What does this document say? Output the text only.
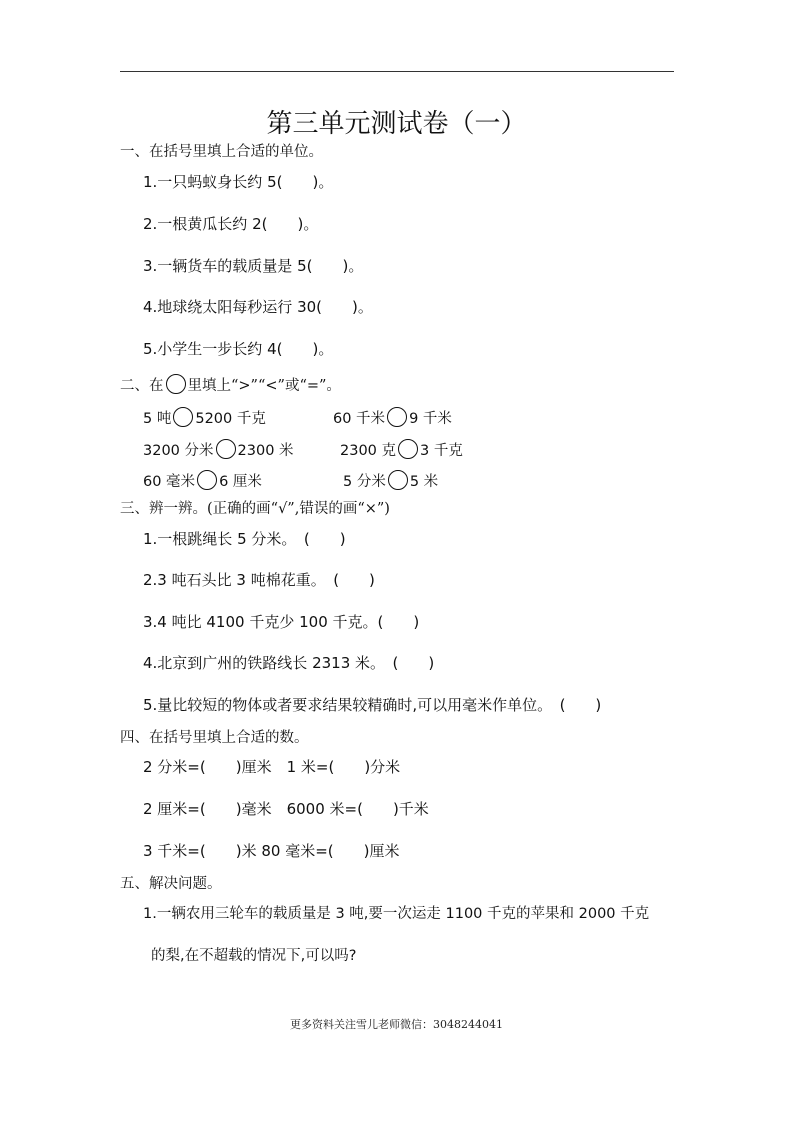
第三单元测试卷（一）
一、在括号里填上合适的单位。
1.一只蚂蚁身长约 5(　　)。
2.一根黄瓜长约 2(　　)。
3.一辆货车的载质量是 5(　　)。
4.地球绕太阳每秒运行 30(　　)。
5.小学生一步长约 4(　　)。
二、在 里填上“>”“<”或“=”。
5 吨 5200 千克	60 千米 9 千米
3200 分米 2300 米	2300 克 3 千克
60 毫米 6 厘米	5 分米 5 米
三、辨一辨。(正确的画“√”,错误的画“×”)
1.一根跳绳长 5 分米。　(　　)
2.3 吨石头比 3 吨棉花重。　(　　)
3.4 吨比 4100 千克少 100 千克。(　　)
4.北京到广州的铁路线长 2313 米。　(　　)
5.量比较短的物体或者要求结果较精确时,可以用毫米作单位。　(　　)
四、在括号里填上合适的数。
2 分米=(　　)厘米　1 米=(　　)分米
2 厘米=(　　)毫米　6000 米=(　　)千米
3 千米=(　　)米 80 毫米=(　　)厘米
五、解决问题。
1.一辆农用三轮车的载质量是 3 吨,要一次运走 1100 千克的苹果和 2000 千克
的梨,在不超载的情况下,可以吗?
更多资料关注雪儿老师微信：3048244041
